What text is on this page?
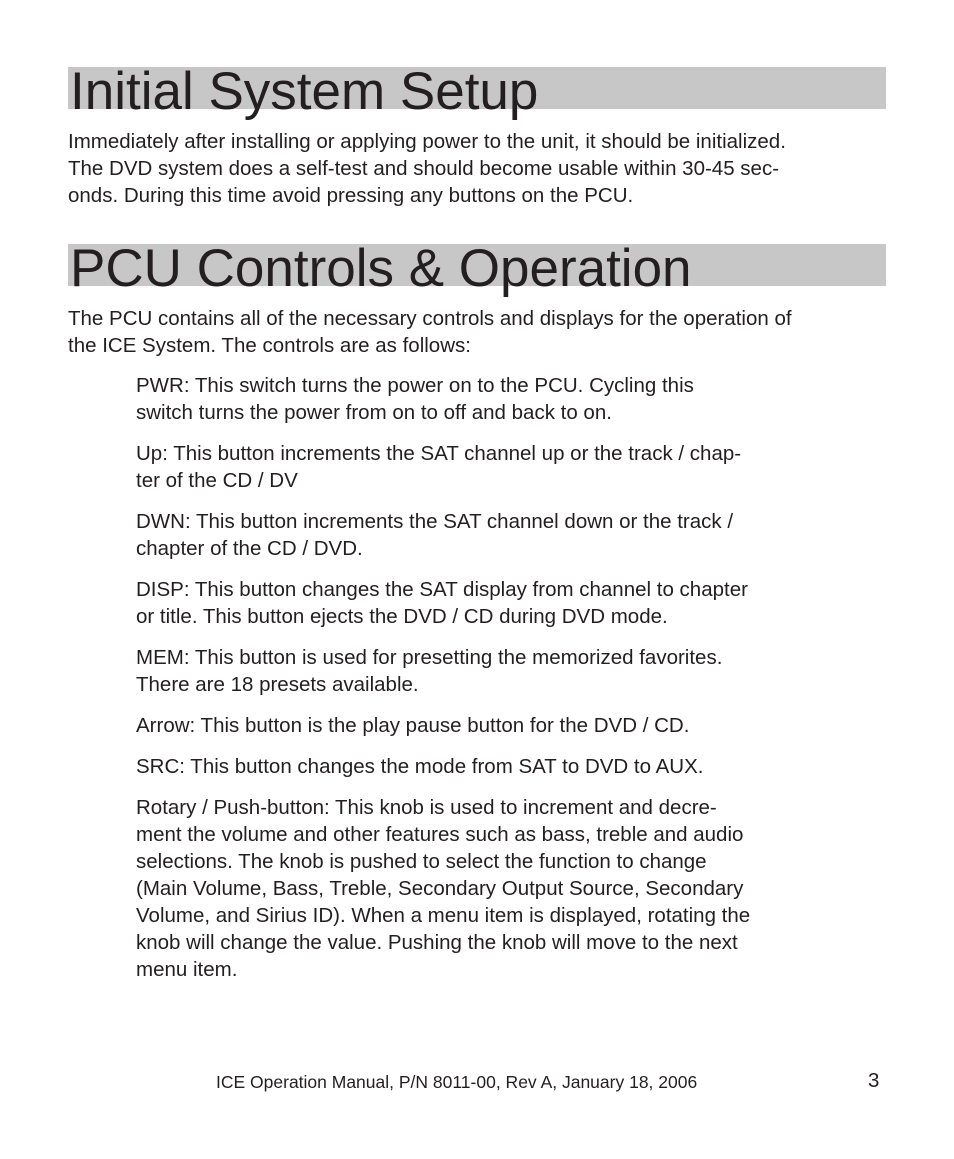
Initial System Setup

Immediately after installing or applying power to the unit, it should be initialized.
The DVD system does a self-test and should become usable within 30-45 sec-
onds. During this time avoid pressing any buttons on the PCU.

PCU Controls & Operation

The PCU contains all of the necessary controls and displays for the operation of
the ICE System. The controls are as follows:

PWR: This switch turns the power on to the PCU. Cycling this
switch turns the power from on to off and back to on.
Up: This button increments the SAT channel up or the track / chap-
ter of the CD / DV
DWN: This button increments the SAT channel down or the track /
chapter of the CD / DVD.
DISP: This button changes the SAT display from channel to chapter
or title. This button ejects the DVD / CD during DVD mode.
MEM: This button is used for presetting the memorized favorites.
There are 18 presets available.
Arrow: This button is the play pause button for the DVD / CD.
SRC: This button changes the mode from SAT to DVD to AUX.
Rotary / Push-button: This knob is used to increment and decre-
ment the volume and other features such as bass, treble and audio
selections. The knob is pushed to select the function to change
(Main Volume, Bass, Treble, Secondary Output Source, Secondary
Volume, and Sirius ID). When a menu item is displayed, rotating the
knob will change the value. Pushing the knob will move to the next
menu item.
ICE Operation Manual, P/N 8011-00, Rev A, January 18, 2006	3
